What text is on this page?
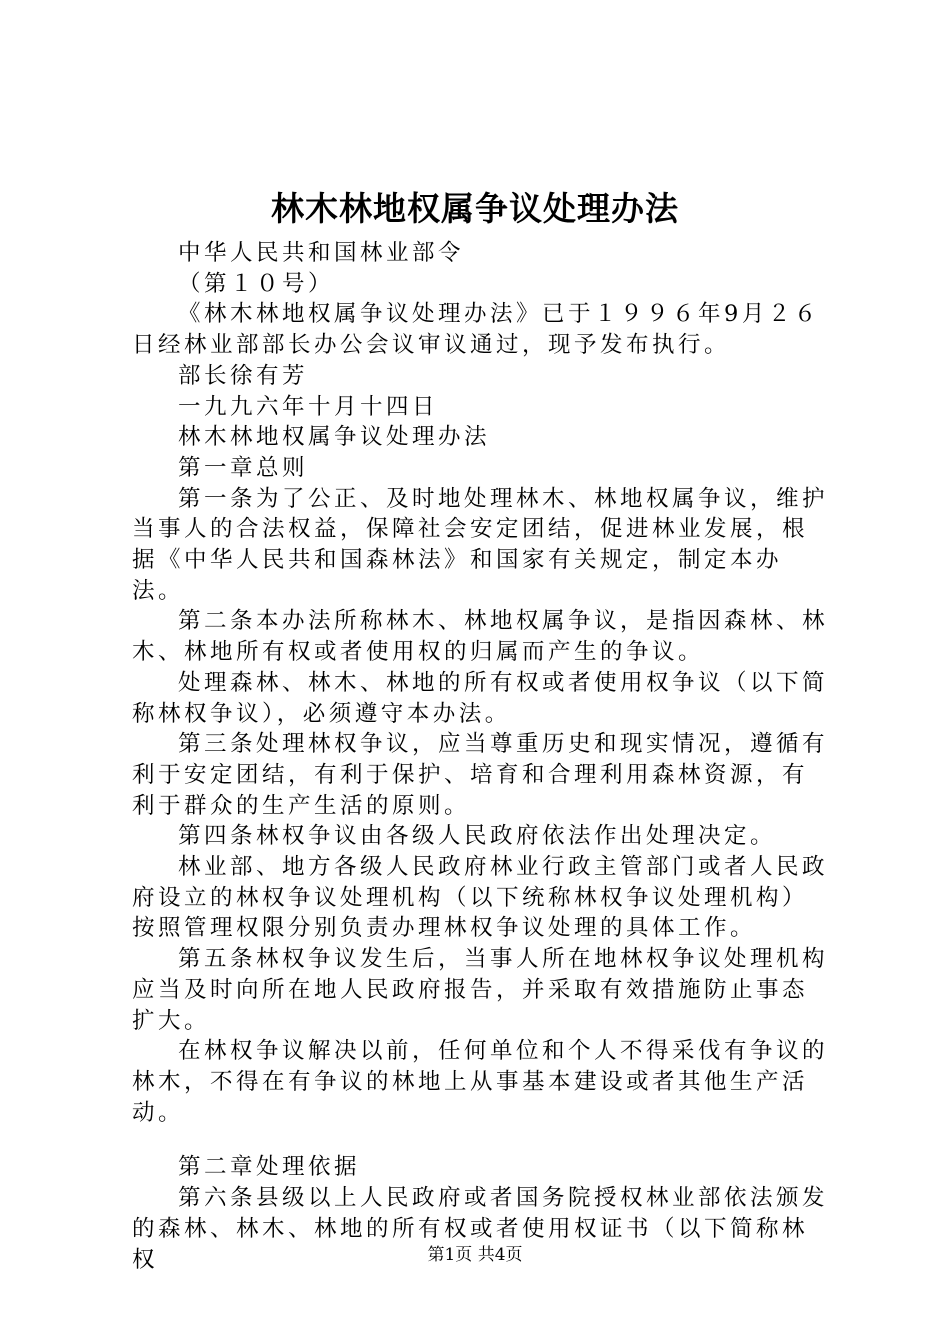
林木林地权属争议处理办法

中华人民共和国林业部令

（第１０号）

《林木林地权属争议处理办法》已于１９９６年9月２６日经林业部部长办公会议审议通过，现予发布执行。

部长徐有芳

一九九六年十月十四日

林木林地权属争议处理办法

第一章总则

第一条为了公正、及时地处理林木、林地权属争议，维护当事人的合法权益，保障社会安定团结，促进林业发展，根据《中华人民共和国森林法》和国家有关规定，制定本办法。

第二条本办法所称林木、林地权属争议，是指因森林、林木、林地所有权或者使用权的归属而产生的争议。

处理森林、林木、林地的所有权或者使用权争议（以下简称林权争议），必须遵守本办法。

第三条处理林权争议，应当尊重历史和现实情况，遵循有利于安定团结，有利于保护、培育和合理利用森林资源，有利于群众的生产生活的原则。

第四条林权争议由各级人民政府依法作出处理决定。

林业部、地方各级人民政府林业行政主管部门或者人民政府设立的林权争议处理机构（以下统称林权争议处理机构）按照管理权限分别负责办理林权争议处理的具体工作。

第五条林权争议发生后，当事人所在地林权争议处理机构应当及时向所在地人民政府报告，并采取有效措施防止事态扩大。

在林权争议解决以前，任何单位和个人不得采伐有争议的林木，不得在有争议的林地上从事基本建设或者其他生产活动。

第二章处理依据

第六条县级以上人民政府或者国务院授权林业部依法颁发的森林、林木、林地的所有权或者使用权证书（以下简称林权	第1页 共4页
